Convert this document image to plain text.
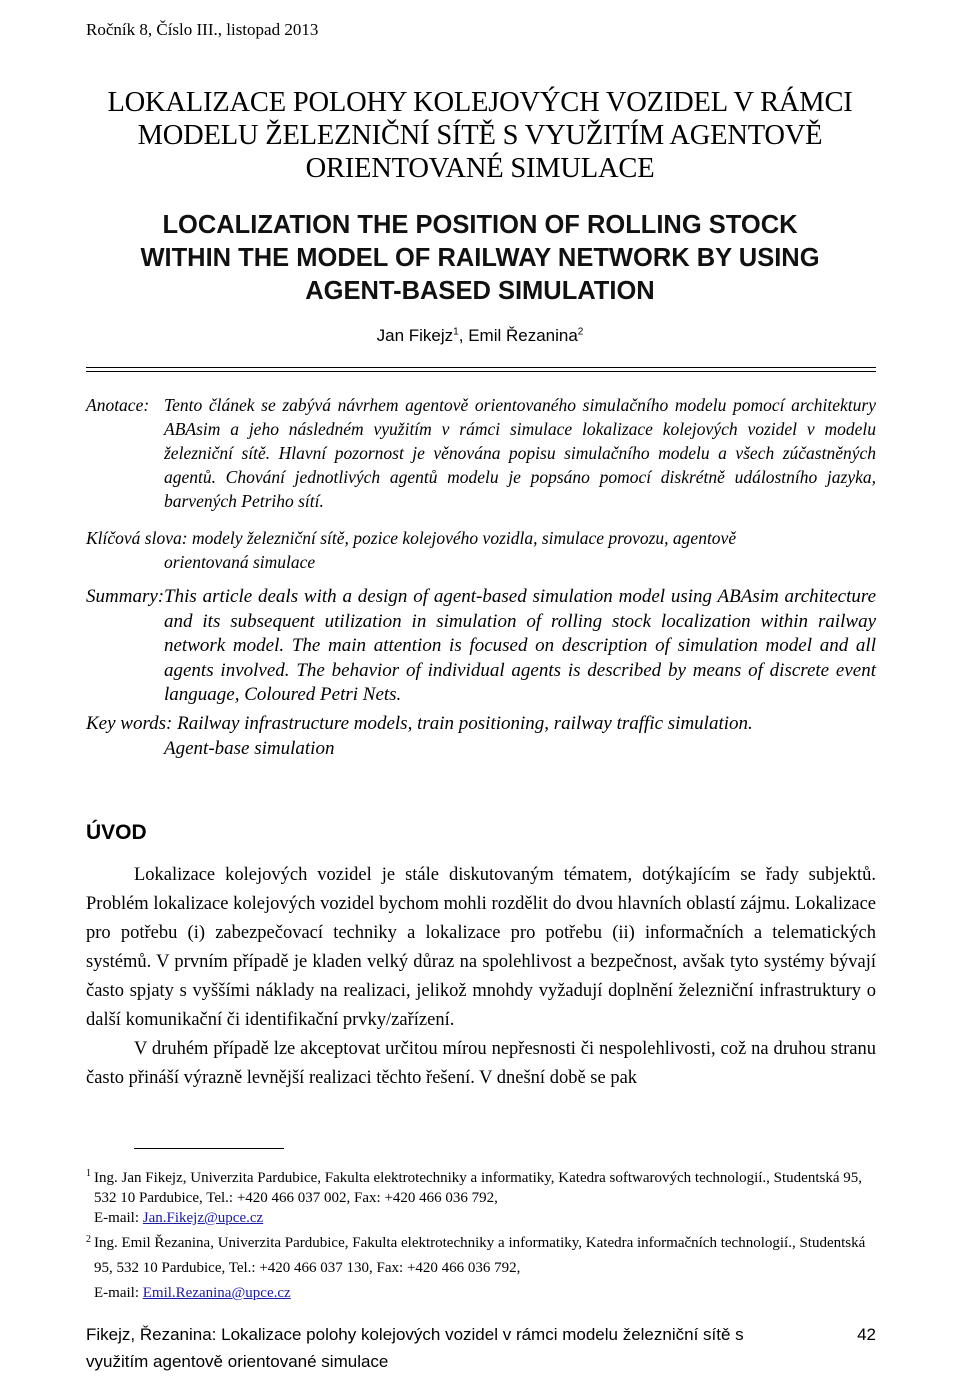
Ročník 8, Číslo III., listopad 2013
LOKALIZACE POLOHY KOLEJOVÝCH VOZIDEL V RÁMCI
MODELU ŽELEZNIČNÍ SÍTĚ S VYUŽITÍM AGENTOVĚ
ORIENTOVANÉ SIMULACE
LOCALIZATION THE POSITION OF ROLLING STOCK
WITHIN THE MODEL OF RAILWAY NETWORK BY USING
AGENT-BASED SIMULATION
Jan Fikejz$^1$, Emil Řezanina$^2$
Anotace: Tento článek se zabývá návrhem agentově orientovaného simulačního modelu pomocí architektury ABAsim a jeho následném využitím v rámci simulace lokalizace kolejových vozidel v modelu železniční sítě. Hlavní pozornost je věnována popisu simulačního modelu a všech zúčastněných agentů. Chování jednotlivých agentů modelu je popsáno pomocí diskrétně událostního jazyka, barvených Petriho sítí.
Klíčová slova: modely železniční sítě, pozice kolejového vozidla, simulace provozu, agentově
orientovaná simulace
Summary: This article deals with a design of agent-based simulation model using ABAsim architecture and its subsequent utilization in simulation of rolling stock localization within railway network model. The main attention is focused on description of simulation model and all agents involved. The behavior of individual agents is described by means of discrete event language, Coloured Petri Nets.
Key words: Railway infrastructure models, train positioning, railway traffic simulation.
Agent-base simulation
ÚVOD

Lokalizace kolejových vozidel je stále diskutovaným tématem, dotýkajícím se řady subjektů. Problém lokalizace kolejových vozidel bychom mohli rozdělit do dvou hlavních oblastí zájmu. Lokalizace pro potřebu (i) zabezpečovací techniky a lokalizace pro potřebu (ii) informačních a telematických systémů. V prvním případě je kladen velký důraz na spolehlivost a bezpečnost, avšak tyto systémy bývají často spjaty s vyššími náklady na realizaci, jelikož mnohdy vyžadují doplnění železniční infrastruktury o další komunikační či identifikační prvky/zařízení.

V druhém případě lze akceptovat určitou mírou nepřesnosti či nespolehlivosti, což na druhou stranu často přináší výrazně levnější realizaci těchto řešení. V dnešní době se pak

1 Ing. Jan Fikejz, Univerzita Pardubice, Fakulta elektrotechniky a informatiky, Katedra softwarových technologií., Studentská 95, 532 10 Pardubice, Tel.: +420 466 037 002, Fax: +420 466 036 792,
E-mail: Jan.Fikejz@upce.cz
2 Ing. Emil Řezanina, Univerzita Pardubice, Fakulta elektrotechniky a informatiky, Katedra informačních technologií., Studentská 95, 532 10 Pardubice, Tel.: +420 466 037 130, Fax: +420 466 036 792,
E-mail: Emil.Rezanina@upce.cz
Fikejz, Řezanina: Lokalizace polohy kolejových vozidel v rámci modelu železniční sítě s využitím agentově orientované simulace
42
